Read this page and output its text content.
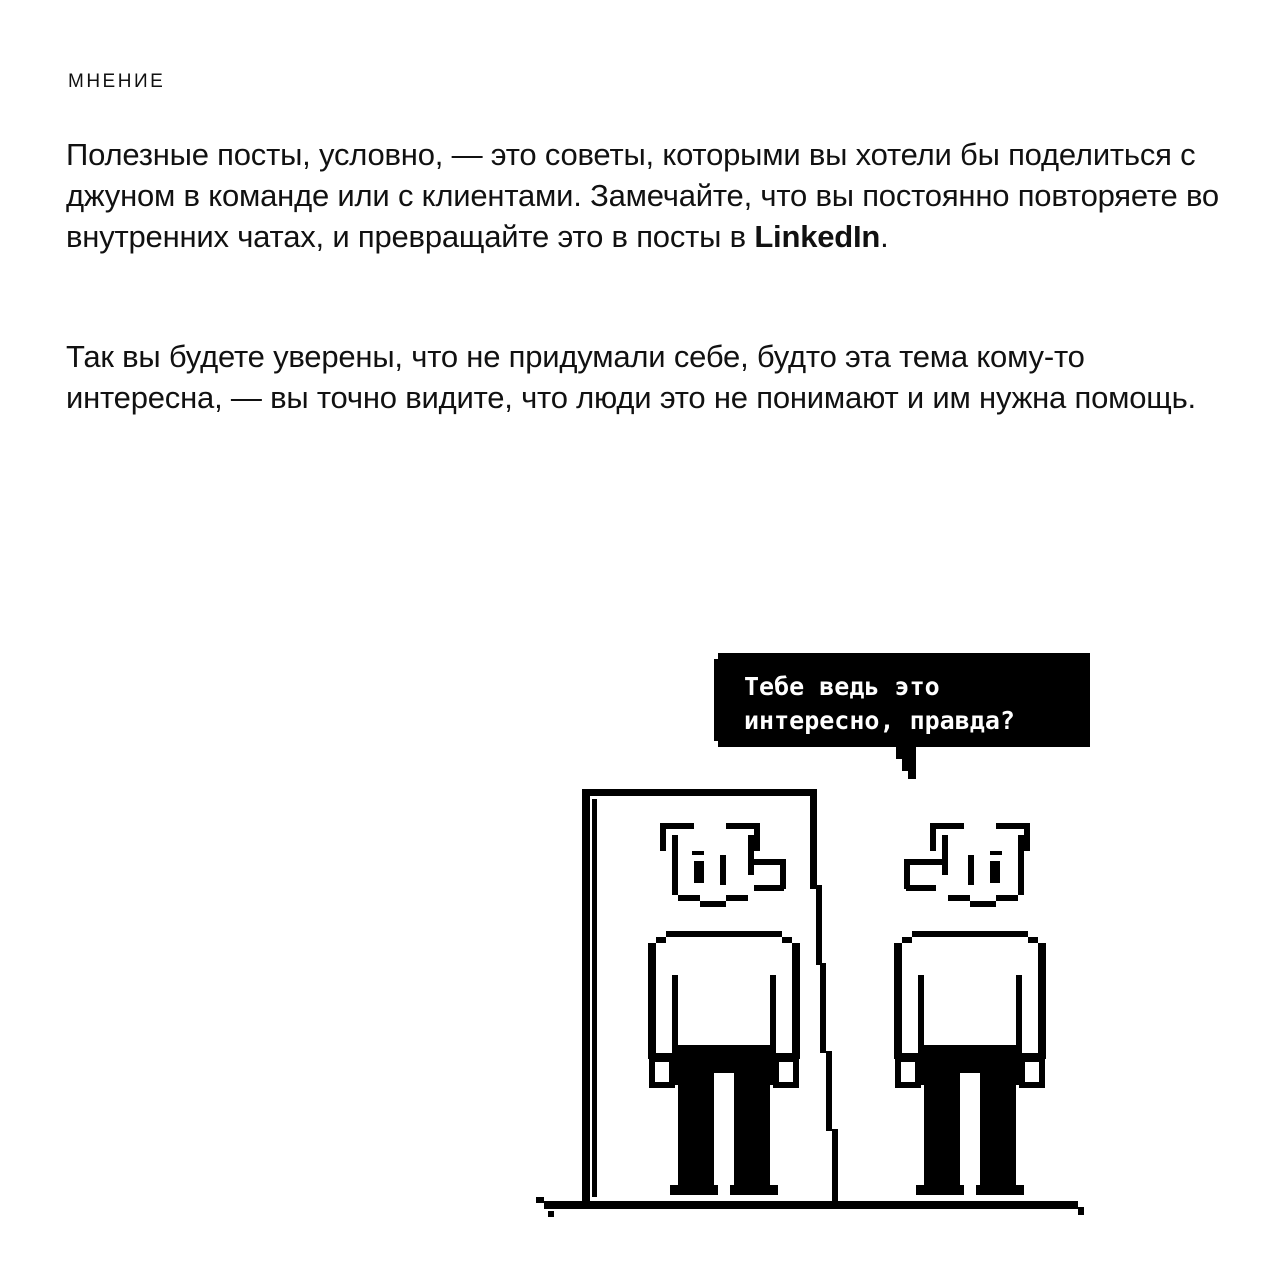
МНЕНИЕ
Полезные посты, условно, — это советы, которыми вы хотели бы поделиться с джуном в команде или с клиентами. Замечайте, что вы постоянно повторяете во внутренних чатах, и превращайте это в посты в LinkedIn.
Так вы будете уверены, что не придумали себе, будто эта тема кому-то интересна, — вы точно видите, что люди это не понимают и им нужна помощь.
Тебе ведь это
интересно, правда?
